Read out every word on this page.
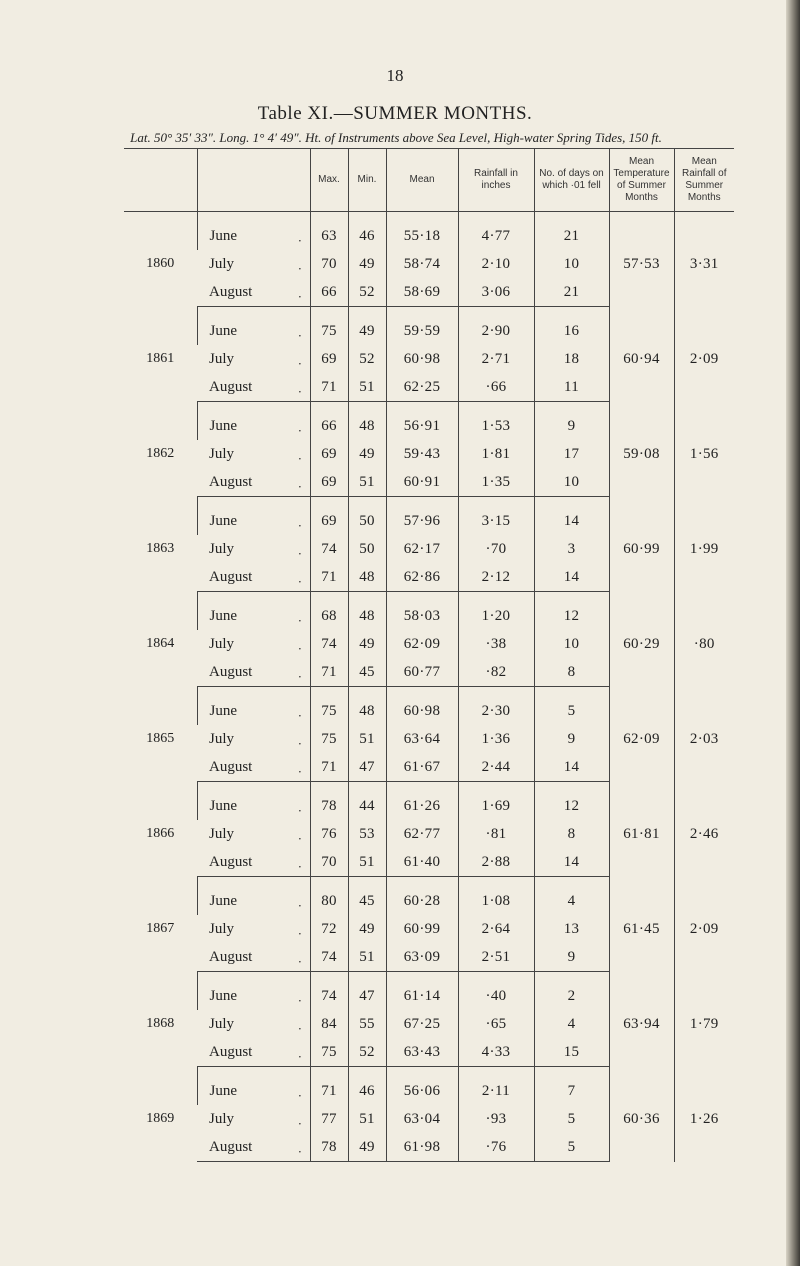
18
Table XI.—SUMMER MONTHS.
Lat. 50° 35′ 33″. Long. 1° 4′ 49″. Ht. of Instruments above Sea Level, High-water Spring Tides, 150 ft.
		Max.	Min.	Mean	Rainfall in inches	No. of days on which ·01 fell	Mean Temperature of Summer Months	Mean Rainfall of Summer Months
1860	June .	63	46	55·18	4·77	21	57·53	3·31
	July .	70	49	58·74	2·10	10		
	August .	66	52	58·69	3·06	21		
1861	June .	75	49	59·59	2·90	16	60·94	2·09
	July .	69	52	60·98	2·71	18		
	August .	71	51	62·25	·66	11		
1862	June .	66	48	56·91	1·53	9	59·08	1·56
	July .	69	49	59·43	1·81	17		
	August .	69	51	60·91	1·35	10		
1863	June .	69	50	57·96	3·15	14	60·99	1·99
	July .	74	50	62·17	·70	3		
	August .	71	48	62·86	2·12	14		
1864	June .	68	48	58·03	1·20	12	60·29	·80
	July .	74	49	62·09	·38	10		
	August .	71	45	60·77	·82	8		
1865	June .	75	48	60·98	2·30	5	62·09	2·03
	July .	75	51	63·64	1·36	9		
	August .	71	47	61·67	2·44	14		
1866	June .	78	44	61·26	1·69	12	61·81	2·46
	July .	76	53	62·77	·81	8		
	August .	70	51	61·40	2·88	14		
1867	June .	80	45	60·28	1·08	4	61·45	2·09
	July .	72	49	60·99	2·64	13		
	August .	74	51	63·09	2·51	9		
1868	June .	74	47	61·14	·40	2	63·94	1·79
	July .	84	55	67·25	·65	4		
	August .	75	52	63·43	4·33	15		
1869	June .	71	46	56·06	2·11	7	60·36	1·26
	July .	77	51	63·04	·93	5		
	August .	78	49	61·98	·76	5		
